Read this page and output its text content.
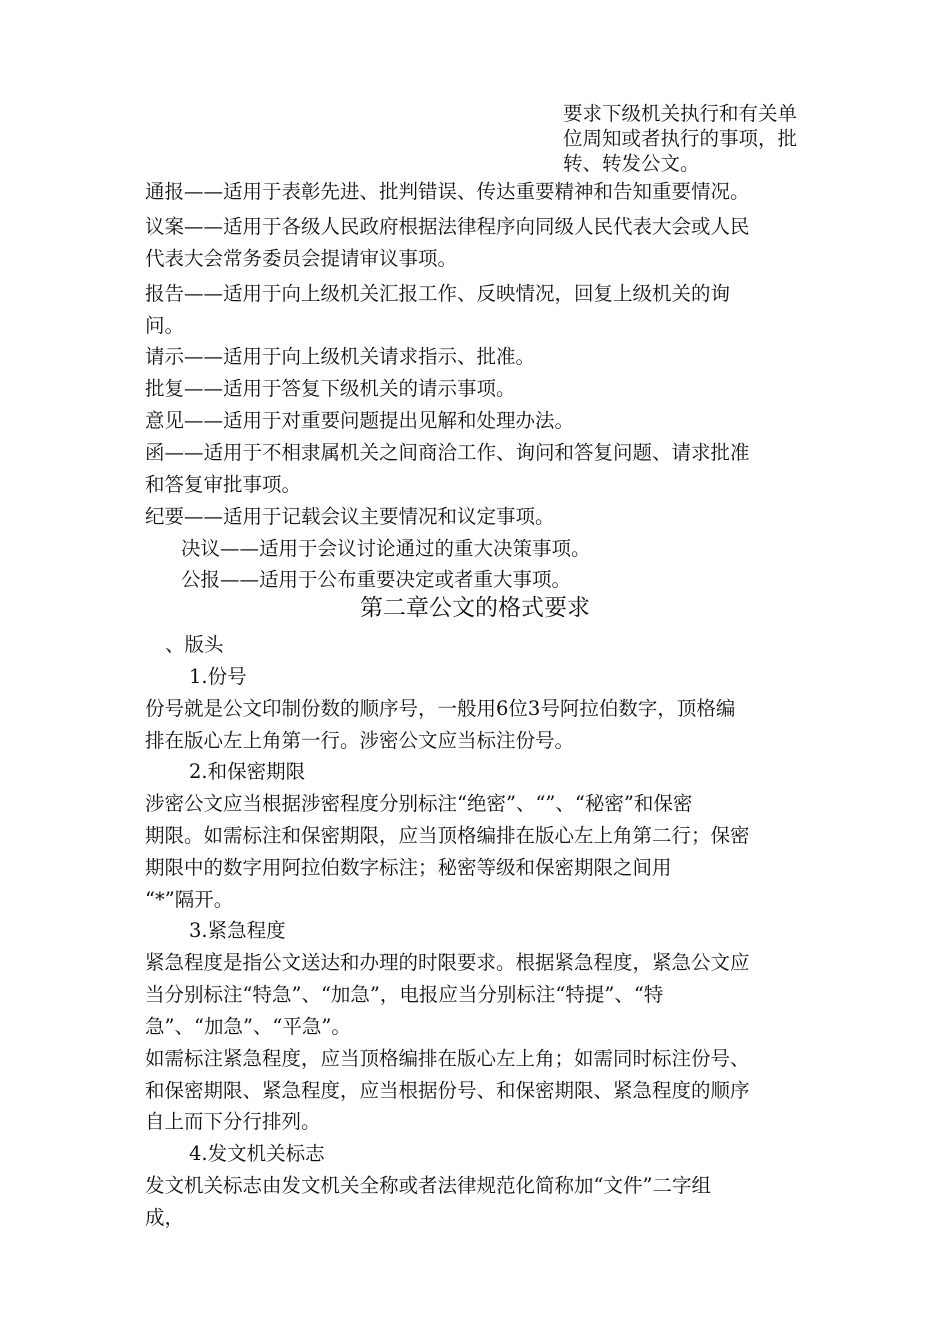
要求下级机关执行和有关单
位周知或者执行的事项，批
转、转发公文。

通报——适用于表彰先进、批判错误、传达重要精神和告知重要情况。

议案——适用于各级人民政府根据法律程序向同级人民代表大会或人民

代表大会常务委员会提请审议事项。

报告——适用于向上级机关汇报工作、反映情况，回复上级机关的询

问。

请示——适用于向上级机关请求指示、批准。

批复——适用于答复下级机关的请示事项。

意见——适用于对重要问题提出见解和处理办法。

函——适用于不相隶属机关之间商洽工作、询问和答复问题、请求批准

和答复审批事项。

纪要——适用于记载会议主要情况和议定事项。

决议——适用于会议讨论通过的重大决策事项。

公报——适用于公布重要决定或者重大事项。

第二章公文的格式要求

、版头

1.份号

份号就是公文印制份数的顺序号，一般用6位3号阿拉伯数字，顶格编

排在版心左上角第一行。涉密公文应当标注份号。

2.和保密期限

涉密公文应当根据涉密程度分别标注“绝密”、“”、“秘密”和保密

期限。如需标注和保密期限，应当顶格编排在版心左上角第二行；保密

期限中的数字用阿拉伯数字标注；秘密等级和保密期限之间用

“*”隔开。

3.紧急程度

紧急程度是指公文送达和办理的时限要求。根据紧急程度，紧急公文应

当分别标注“特急”、“加急”，电报应当分别标注“特提”、“特

急”、“加急”、“平急”。

如需标注紧急程度，应当顶格编排在版心左上角；如需同时标注份号、

和保密期限、紧急程度，应当根据份号、和保密期限、紧急程度的顺序

自上而下分行排列。

4.发文机关标志

发文机关标志由发文机关全称或者法律规范化简称加“文件”二字组

成，
